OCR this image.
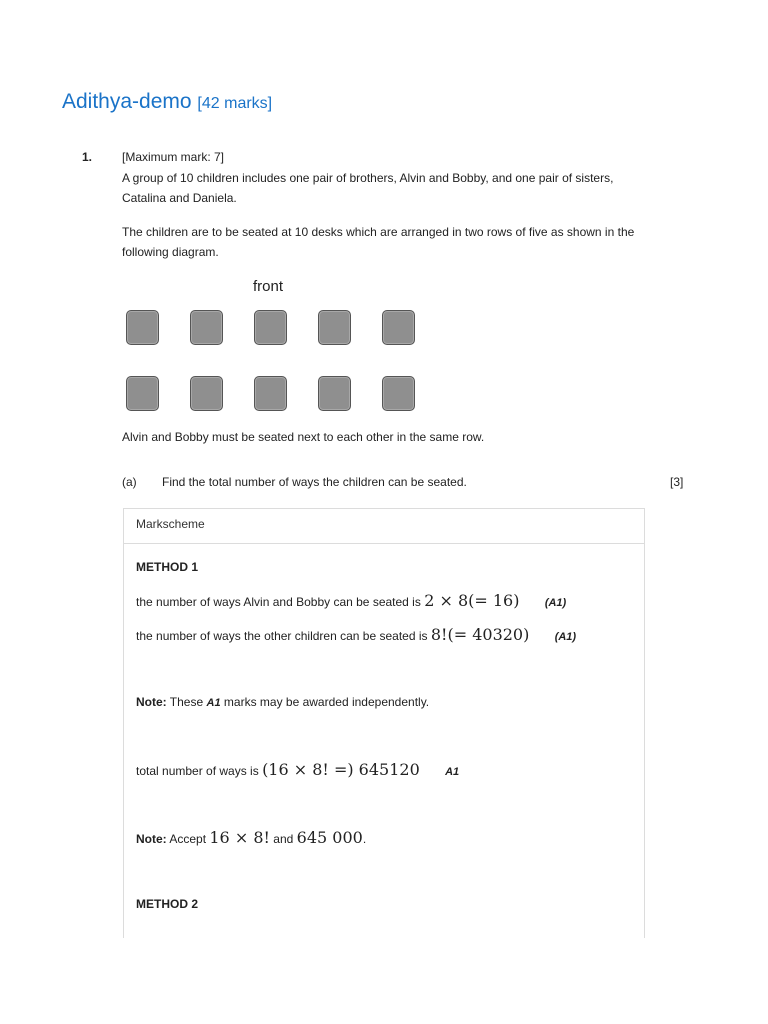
Adithya-demo [42 marks]
1. [Maximum mark: 7]
A group of 10 children includes one pair of brothers, Alvin and Bobby, and one pair of sisters, Catalina and Daniela.
The children are to be seated at 10 desks which are arranged in two rows of five as shown in the following diagram.
front
Alvin and Bobby must be seated next to each other in the same row.
(a) Find the total number of ways the children can be seated.	[3]
Markscheme
METHOD 1
the number of ways Alvin and Bobby can be seated is 2 × 8(= 16) (A1)
the number of ways the other children can be seated is 8!(= 40320) (A1)
Note: These A1 marks may be awarded independently.
total number of ways is (16 × 8! =) 645120 A1
Note: Accept 16 × 8! and 645 000.
METHOD 2
